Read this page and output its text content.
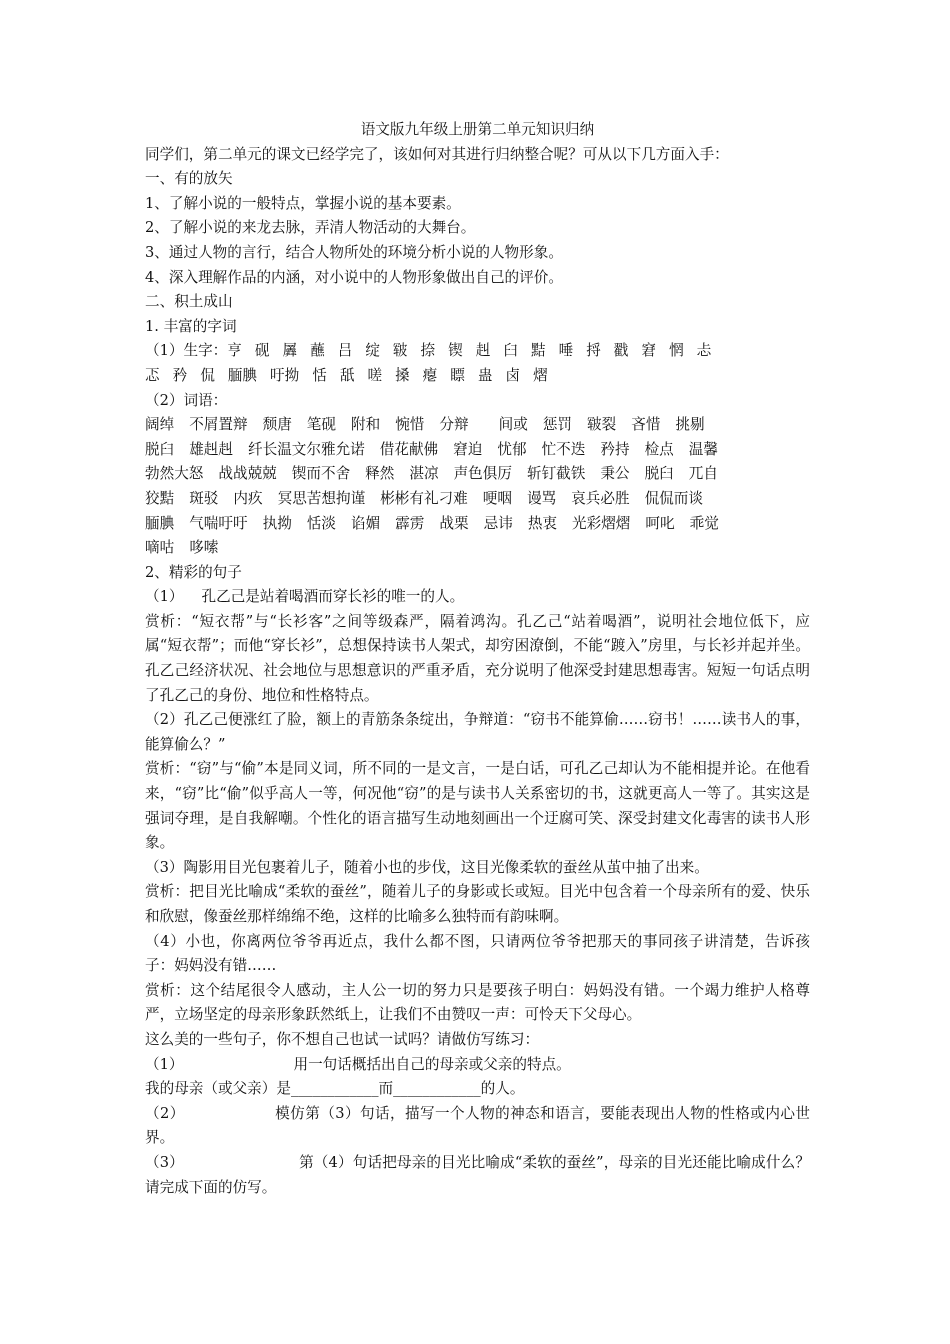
语文版九年级上册第二单元知识归纳

同学们，第二单元的课文已经学完了，该如何对其进行归纳整合呢？可从以下几方面入手：

一、有的放矢

1、了解小说的一般特点，掌握小说的基本要素。

2、了解小说的来龙去脉，弄清人物活动的大舞台。

3、通过人物的言行，结合人物所处的环境分析小说的人物形象。

4、深入理解作品的内涵，对小说中的人物形象做出自己的评价。

二、积土成山

1. 丰富的字词

（1）生字：亨 砚 羼 蘸 吕 绽 皲 捺 锲 赳 臼 黠 唾 捋 戳 窘 惘 忐

忑 矜 侃 腼腆 吁拗 恬 舐 嗟 搡 瘪 瞟 蛊 卤 熠

（2）词语：

阔绰 不屑置辩 颓唐 笔砚 附和 惋惜 分辩 间或 惩罚 皲裂 吝惜 挑剔

脱臼 雄赳赳 纤长温文尔雅允诺 借花献佛 窘迫 忧郁 忙不迭 矜持 检点 温馨

勃然大怒 战战兢兢 锲而不舍 释然 湛凉 声色俱厉 斩钉截铁 秉公 脱臼 兀自

狡黠 斑驳 内疚 冥思苦想拘谨 彬彬有礼刁难 哽咽 谩骂 哀兵必胜 侃侃而谈

腼腆 气喘吁吁 执拗 恬淡 谄媚 霹雳 战栗 忌讳 热衷 光彩熠熠 呵叱 乖觉

嘀咕 哆嗦

2、精彩的句子

（1） 孔乙己是站着喝酒而穿长衫的唯一的人。

赏析：“短衣帮”与“长衫客”之间等级森严，隔着鸿沟。孔乙己“站着喝酒”，说明社会地位低下，应属“短衣帮”；而他“穿长衫”，总想保持读书人架式，却穷困潦倒，不能“踱入”房里，与长衫并起并坐。孔乙己经济状况、社会地位与思想意识的严重矛盾，充分说明了他深受封建思想毒害。短短一句话点明了孔乙己的身份、地位和性格特点。

（2）孔乙己便涨红了脸，额上的青筋条条绽出，争辩道：“窃书不能算偷……窃书！……读书人的事，能算偷么？”

赏析：“窃”与“偷”本是同义词，所不同的一是文言，一是白话，可孔乙己却认为不能相提并论。在他看来，“窃”比“偷”似乎高人一等，何况他“窃”的是与读书人关系密切的书，这就更高人一等了。其实这是强词夺理，是自我解嘲。个性化的语言描写生动地刻画出一个迂腐可笑、深受封建文化毒害的读书人形象。

（3）陶影用目光包裹着儿子，随着小也的步伐，这目光像柔软的蚕丝从茧中抽了出来。

赏析：把目光比喻成“柔软的蚕丝”，随着儿子的身影或长或短。目光中包含着一个母亲所有的爱、快乐和欣慰，像蚕丝那样绵绵不绝，这样的比喻多么独特而有韵味啊。

（4）小也，你离两位爷爷再近点，我什么都不图，只请两位爷爷把那天的事同孩子讲清楚，告诉孩子：妈妈没有错……

赏析：这个结尾很令人感动，主人公一切的努力只是要孩子明白：妈妈没有错。一个竭力维护人格尊严，立场坚定的母亲形象跃然纸上，让我们不由赞叹一声：可怜天下父母心。

这么美的一些句子，你不想自己也试一试吗？请做仿写练习：

（1）	用一句话概括出自己的母亲或父亲的特点。

我的母亲（或父亲）是____________而____________的人。

（2）	模仿第（3）句话，描写一个人物的神态和语言，要能表现出人物的性格或内心世界。

（3）	第（4）句话把母亲的目光比喻成“柔软的蚕丝”，母亲的目光还能比喻成什么？请完成下面的仿写。
